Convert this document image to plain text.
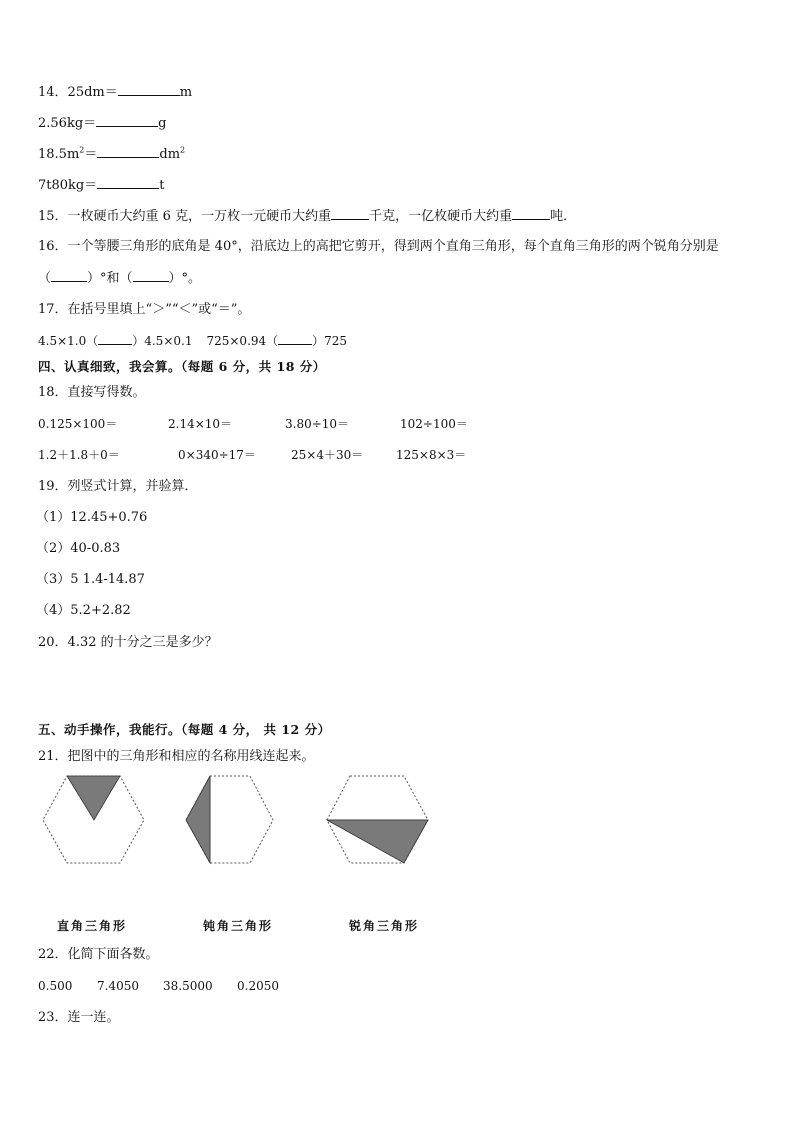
14．25dm＝	m
2.56kg＝	g
$18.5m^2=$	$dm^2$
7t80kg＝	t
15．一枚硬币大约重 6 克，一万枚一元硬币大约重	千克，一亿枚硬币大约重	吨．
16．一个等腰三角形的底角是 40°，沿底边上的高把它剪开，得到两个直角三角形，每个直角三角形的两个锐角分别是
（	）°和（	）°。
17．在括号里填上“＞”“＜”或“＝”。
4.5×1.0（	）4.5×0.1 725×0.94（	）725
四、认真细致，我会算。（每题 6 分，共 18 分）
18．直接写得数。
0.125×100＝	2.14×10＝	3.80÷10＝	102÷100＝
1.2＋1.8＋0＝	0×340÷17＝	25×4＋30＝	125×8×3＝
19．列竖式计算，并验算．
（1）12.45+0.76
（2）40-0.83
（3）5 1.4-14.87
（4）5.2+2.82
20．4.32 的十分之三是多少？
五、动手操作，我能行。（每题 4 分， 共 12 分）
21．把图中的三角形和相应的名称用线连起来。
直角三角形	钝角三角形	锐角三角形
22．化简下面各数。
0.500 7.4050 38.5000 0.2050
23．连一连。
